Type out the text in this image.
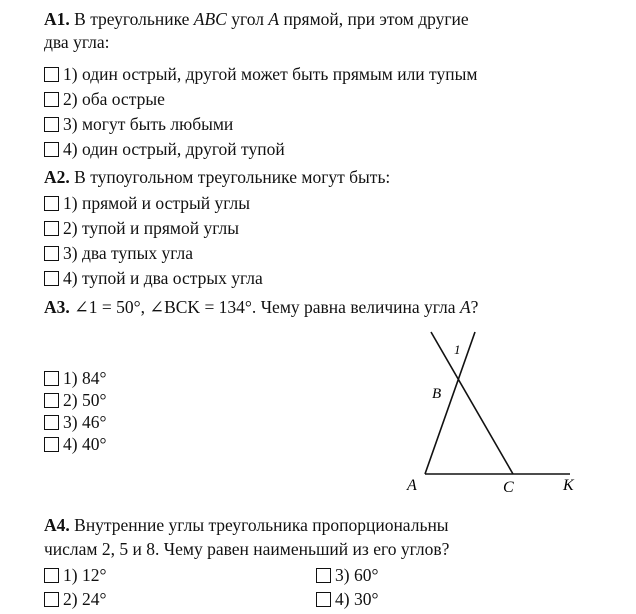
А1. В треугольнике ABC угол A прямой, при этом другие
два угла:
1) один острый, другой может быть прямым или тупым
2) оба острые
3) могут быть любыми
4) один острый, другой тупой
А2. В тупоугольном треугольнике могут быть:
1) прямой и острый углы
2) тупой и прямой углы
3) два тупых угла
4) тупой и два острых угла
А3. ∠1 = 50°, ∠BCK = 134°. Чему равна величина угла A?
1) 84°
2) 50°
3) 46°
4) 40°
1
B
A	C	K
А4. Внутренние углы треугольника пропорциональны
числам 2, 5 и 8. Чему равен наименьший из его углов?
1) 12°
2) 24°
3) 60°
4) 30°
